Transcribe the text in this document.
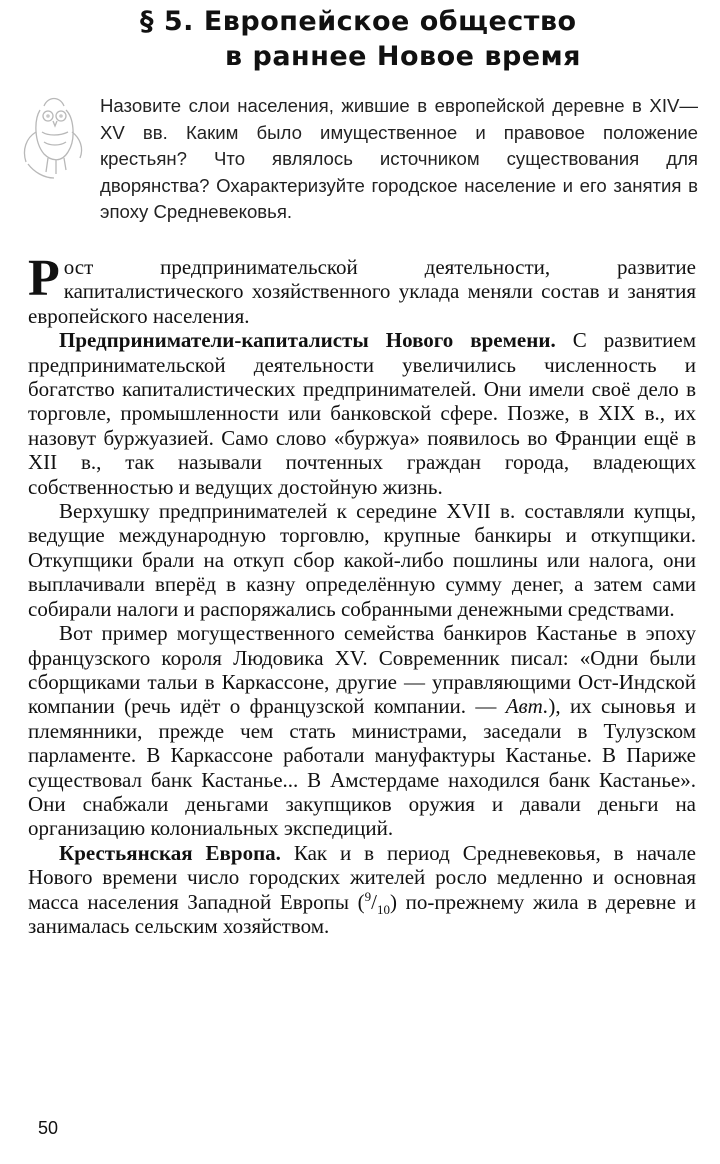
§ 5. Европейское общество
в раннее Новое время
Назовите слои населения, жившие в европейской деревне в XIV—XV вв. Каким было имущественное и правовое положение крестьян? Что являлось источником существования для дворянства? Охарактеризуйте городское население и его занятия в эпоху Средневековья.

Рост предпринимательской деятельности, развитие капиталистического хозяйственного уклада меняли состав и занятия европейского населения.

Предприниматели-капиталисты Нового времени. С развитием предпринимательской деятельности увеличились численность и богатство капиталистических предпринимателей. Они имели своё дело в торговле, промышленности или банковской сфере. Позже, в XIX в., их назовут буржуазией. Само слово «буржуа» появилось во Франции ещё в XII в., так называли почтенных граждан города, владеющих собственностью и ведущих достойную жизнь.

Верхушку предпринимателей к середине XVII в. составляли купцы, ведущие международную торговлю, крупные банкиры и откупщики. Откупщики брали на откуп сбор какой-либо пошлины или налога, они выплачивали вперёд в казну определённую сумму денег, а затем сами собирали налоги и распоряжались собранными денежными средствами.

Вот пример могущественного семейства банкиров Кастанье в эпоху французского короля Людовика XV. Современник писал: «Одни были сборщиками тальи в Каркассоне, другие — управляющими Ост-Индской компании (речь идёт о французской компании. — Авт.), их сыновья и племянники, прежде чем стать министрами, заседали в Тулузском парламенте. В Каркассоне работали мануфактуры Кастанье. В Париже существовал банк Кастанье... В Амстердаме находился банк Кастанье». Они снабжали деньгами закупщиков оружия и давали деньги на организацию колониальных экспедиций.

Крестьянская Европа. Как и в период Средневековья, в начале Нового времени число городских жителей росло медленно и основная масса населения Западной Европы $(^9/_{10})$ по-прежнему жила в деревне и занималась сельским хозяйством.

50
